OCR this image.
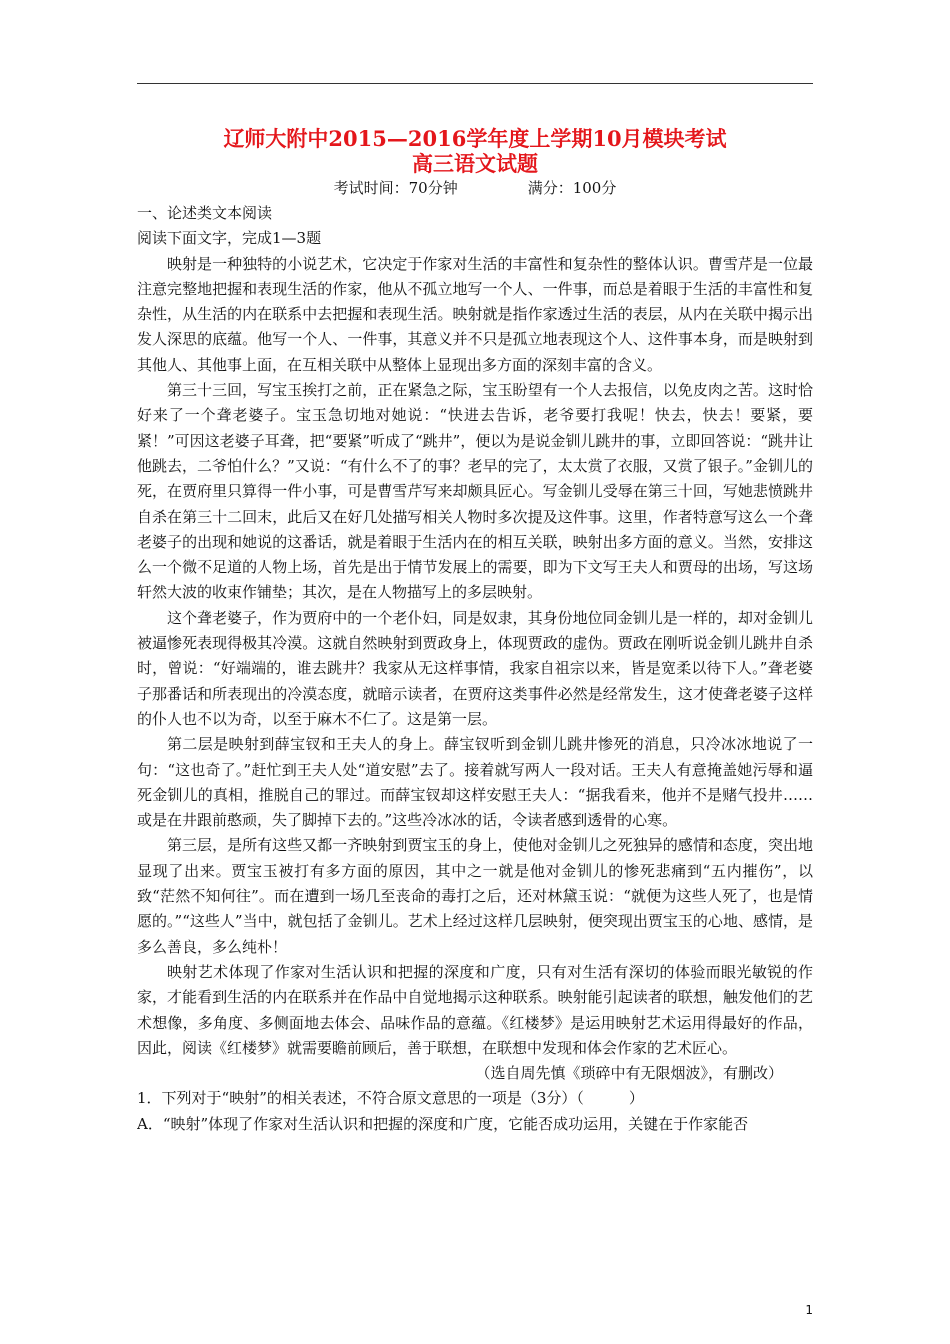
辽师大附中2015—2016学年度上学期10月模块考试
高三语文试题
考试时间：70分钟	满分：100分

一、论述类文本阅读

阅读下面文字，完成1—3题

映射是一种独特的小说艺术，它决定于作家对生活的丰富性和复杂性的整体认识。曹雪芹是一位最注意完整地把握和表现生活的作家，他从不孤立地写一个人、一件事，而总是着眼于生活的丰富性和复杂性，从生活的内在联系中去把握和表现生活。映射就是指作家透过生活的表层，从内在关联中揭示出发人深思的底蕴。他写一个人、一件事，其意义并不只是孤立地表现这个人、这件事本身，而是映射到其他人、其他事上面，在互相关联中从整体上显现出多方面的深刻丰富的含义。

第三十三回，写宝玉挨打之前，正在紧急之际，宝玉盼望有一个人去报信，以免皮肉之苦。这时恰好来了一个聋老婆子。宝玉急切地对她说：“快进去告诉，老爷要打我呢！快去，快去！要紧，要紧！”可因这老婆子耳聋，把“要紧”听成了“跳井”，便以为是说金钏儿跳井的事，立即回答说：“跳井让他跳去，二爷怕什么？”又说：“有什么不了的事？老早的完了，太太赏了衣服，又赏了银子。”金钏儿的死，在贾府里只算得一件小事，可是曹雪芹写来却颇具匠心。写金钏儿受辱在第三十回，写她悲愤跳井自杀在第三十二回末，此后又在好几处描写相关人物时多次提及这件事。这里，作者特意写这么一个聋老婆子的出现和她说的这番话，就是着眼于生活内在的相互关联，映射出多方面的意义。当然，安排这么一个微不足道的人物上场，首先是出于情节发展上的需要，即为下文写王夫人和贾母的出场，写这场轩然大波的收束作铺垫；其次，是在人物描写上的多层映射。

这个聋老婆子，作为贾府中的一个老仆妇，同是奴隶，其身份地位同金钏儿是一样的，却对金钏儿被逼惨死表现得极其冷漠。这就自然映射到贾政身上，体现贾政的虚伪。贾政在刚听说金钏儿跳井自杀时，曾说：“好端端的，谁去跳井？我家从无这样事情，我家自祖宗以来，皆是宽柔以待下人。”聋老婆子那番话和所表现出的冷漠态度，就暗示读者，在贾府这类事件必然是经常发生，这才使聋老婆子这样的仆人也不以为奇，以至于麻木不仁了。这是第一层。

第二层是映射到薛宝钗和王夫人的身上。薛宝钗听到金钏儿跳井惨死的消息，只冷冰冰地说了一句：“这也奇了。”赶忙到王夫人处“道安慰”去了。接着就写两人一段对话。王夫人有意掩盖她污辱和逼死金钏儿的真相，推脱自己的罪过。而薛宝钗却这样安慰王夫人：“据我看来，他并不是赌气投井……或是在井跟前憨顽，失了脚掉下去的。”这些冷冰冰的话，令读者感到透骨的心寒。

第三层，是所有这些又都一齐映射到贾宝玉的身上，使他对金钏儿之死独异的感情和态度，突出地显现了出来。贾宝玉被打有多方面的原因，其中之一就是他对金钏儿的惨死悲痛到“五内摧伤”，以致“茫然不知何往”。而在遭到一场几至丧命的毒打之后，还对林黛玉说：“就便为这些人死了，也是情愿的。”“这些人”当中，就包括了金钏儿。艺术上经过这样几层映射，便突现出贾宝玉的心地、感情，是多么善良，多么纯朴！

映射艺术体现了作家对生活认识和把握的深度和广度，只有对生活有深切的体验而眼光敏锐的作家，才能看到生活的内在联系并在作品中自觉地揭示这种联系。映射能引起读者的联想，触发他们的艺术想像，多角度、多侧面地去体会、品味作品的意蕴。《红楼梦》是运用映射艺术运用得最好的作品，因此，阅读《红楼梦》就需要瞻前顾后，善于联想，在联想中发现和体会作家的艺术匠心。

（选自周先慎《琐碎中有无限烟波》，有删改）

1．下列对于“映射”的相关表述，不符合原文意思的一项是（3分）（　　　）

A．“映射”体现了作家对生活认识和把握的深度和广度，它能否成功运用，关键在于作家能否

1
